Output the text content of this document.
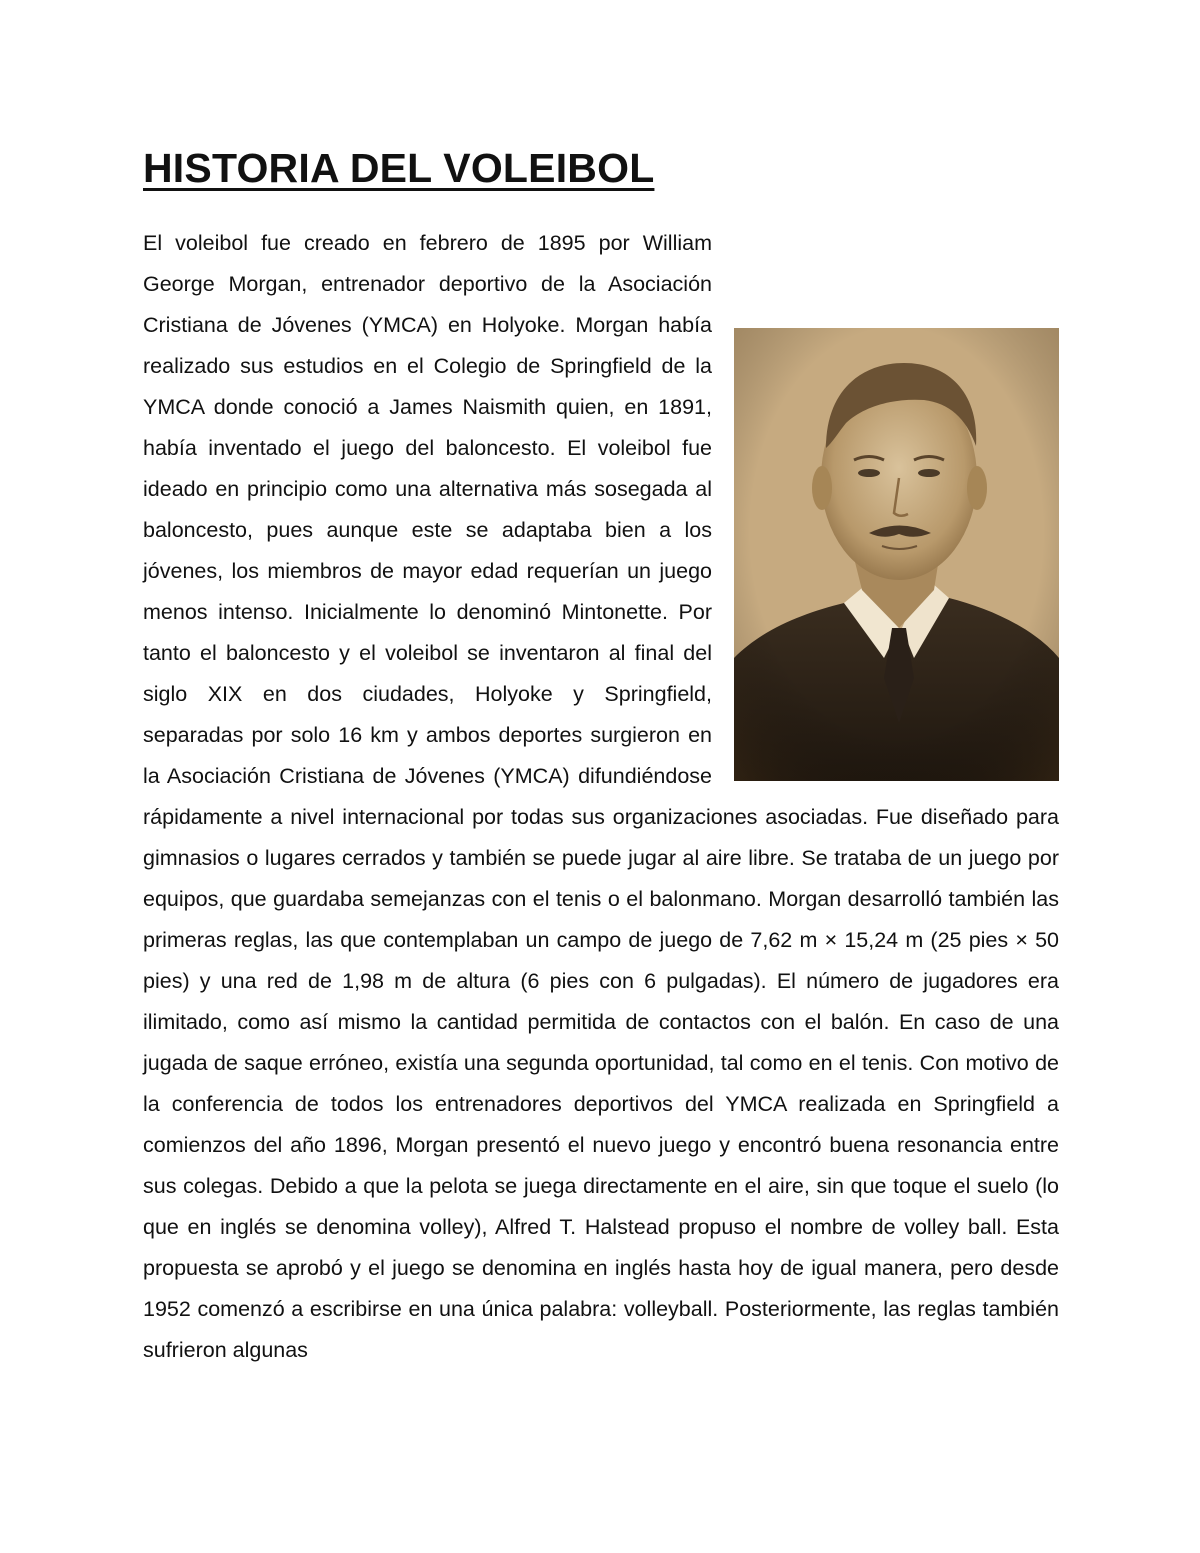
HISTORIA DEL VOLEIBOL
El voleibol fue creado en febrero de 1895 por William George Morgan, entrenador deportivo de la Asociación Cristiana de Jóvenes (YMCA) en Holyoke. Morgan había realizado sus estudios en el Colegio de Springfield de la YMCA donde conoció a James Naismith quien, en 1891, había inventado el juego del baloncesto. El voleibol fue ideado en principio como una alternativa más sosegada al baloncesto, pues aunque este se adaptaba bien a los jóvenes, los miembros de mayor edad requerían un juego menos intenso. Inicialmente lo denominó Mintonette. Por tanto el baloncesto y el voleibol se inventaron al final del siglo XIX en dos ciudades, Holyoke y Springfield, separadas por solo 16 km y ambos deportes surgieron en la Asociación Cristiana de Jóvenes (YMCA) difundiéndose rápidamente a nivel internacional por todas sus organizaciones asociadas. Fue diseñado para gimnasios o lugares cerrados y también se puede jugar al aire libre. Se trataba de un juego por equipos, que guardaba semejanzas con el tenis o el balonmano. Morgan desarrolló también las primeras reglas, las que contemplaban un campo de juego de 7,62 m × 15,24 m (25 pies × 50 pies) y una red de 1,98 m de altura (6 pies con 6 pulgadas). El número de jugadores era ilimitado, como así mismo la cantidad permitida de contactos con el balón. En caso de una jugada de saque erróneo, existía una segunda oportunidad, tal como en el tenis. Con motivo de la conferencia de todos los entrenadores deportivos del YMCA realizada en Springfield a comienzos del año 1896, Morgan presentó el nuevo juego y encontró buena resonancia entre sus colegas. Debido a que la pelota se juega directamente en el aire, sin que toque el suelo (lo que en inglés se denomina volley), Alfred T. Halstead propuso el nombre de volley ball. Esta propuesta se aprobó y el juego se denomina en inglés hasta hoy de igual manera, pero desde 1952 comenzó a escribirse en una única palabra: volleyball. Posteriormente, las reglas también sufrieron algunas
